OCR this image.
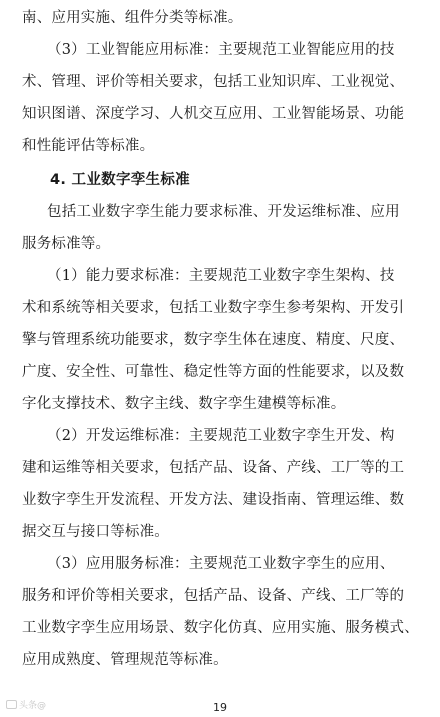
南、应用实施、组件分类等标准。
（3）工业智能应用标准：主要规范工业智能应用的技
术、管理、评价等相关要求，包括工业知识库、工业视觉、
知识图谱、深度学习、人机交互应用、工业智能场景、功能
和性能评估等标准。
4. 工业数字孪生标准
包括工业数字孪生能力要求标准、开发运维标准、应用
服务标准等。
（1）能力要求标准：主要规范工业数字孪生架构、技
术和系统等相关要求，包括工业数字孪生参考架构、开发引
擎与管理系统功能要求，数字孪生体在速度、精度、尺度、
广度、安全性、可靠性、稳定性等方面的性能要求，以及数
字化支撑技术、数字主线、数字孪生建模等标准。
（2）开发运维标准：主要规范工业数字孪生开发、构
建和运维等相关要求，包括产品、设备、产线、工厂等的工
业数字孪生开发流程、开发方法、建设指南、管理运维、数
据交互与接口等标准。
（3）应用服务标准：主要规范工业数字孪生的应用、
服务和评价等相关要求，包括产品、设备、产线、工厂等的
工业数字孪生应用场景、数字化仿真、应用实施、服务模式、
应用成熟度、管理规范等标准。
头条@	19
